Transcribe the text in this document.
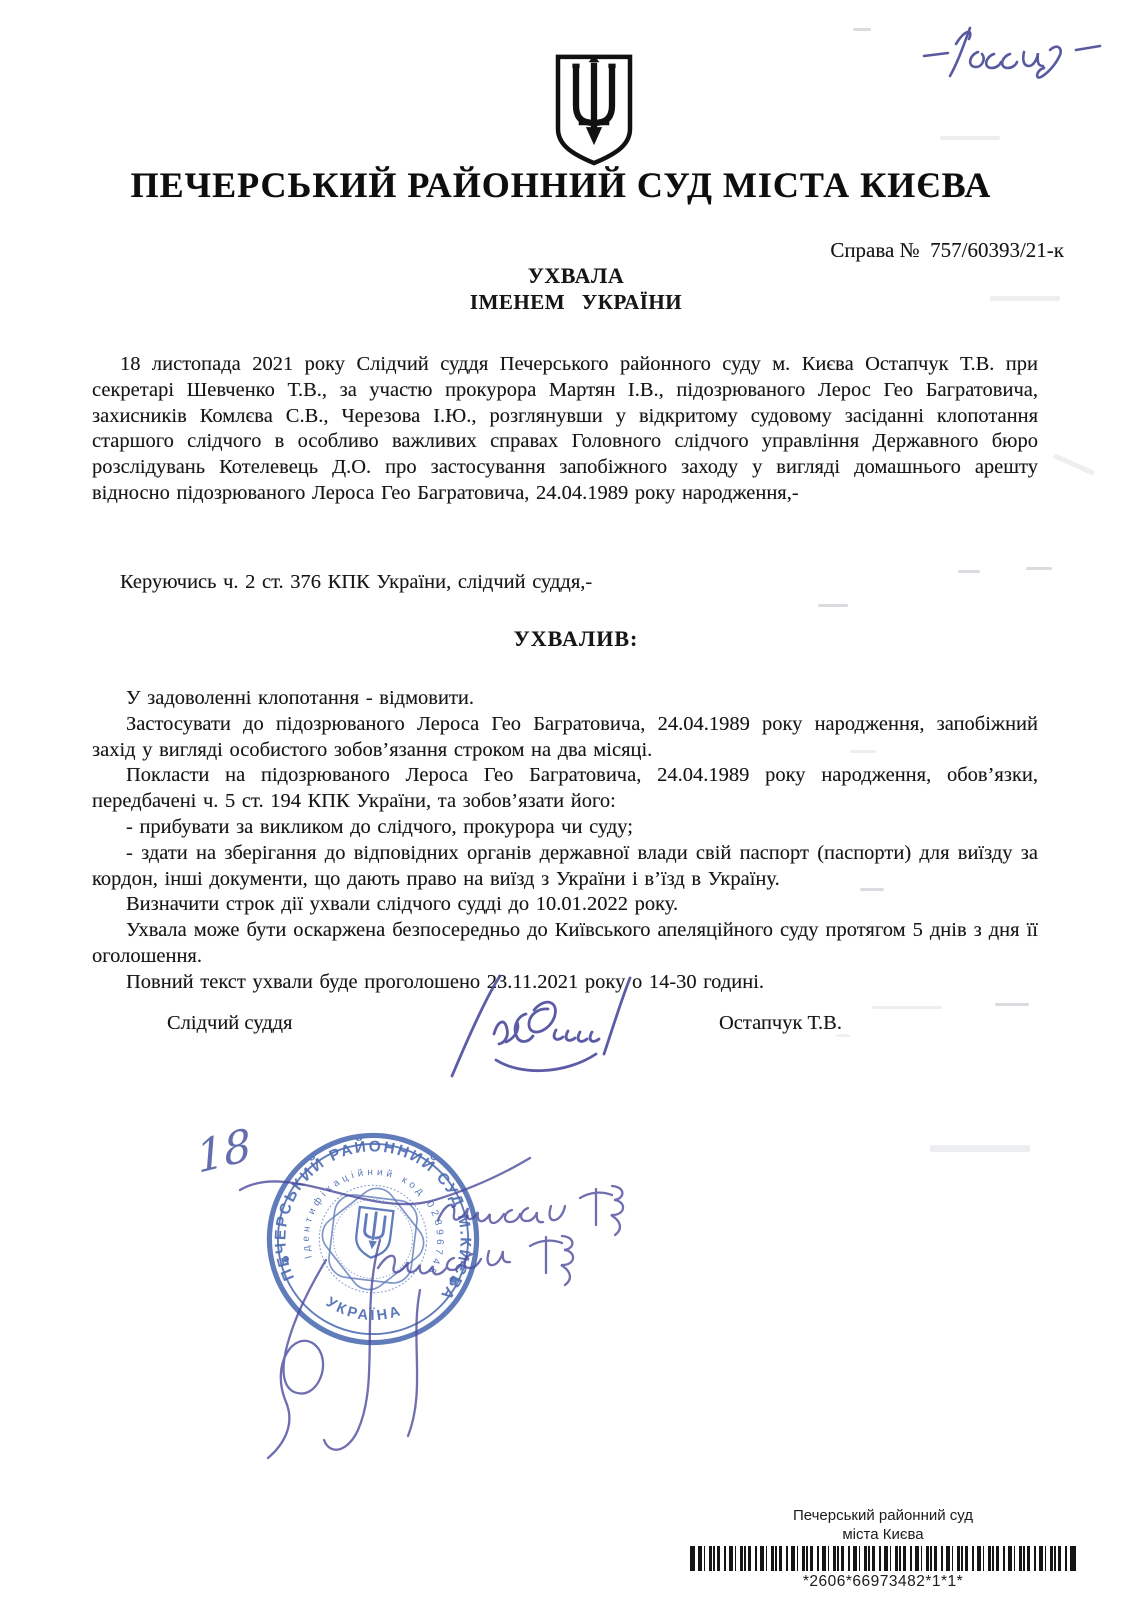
ПЕЧЕРСЬКИЙ РАЙОННИЙ СУД МІСТА КИЄВА
Справа №  757/60393/21-к
УХВАЛА
ІМЕНЕМ УКРАЇНИ
18 листопада 2021 року Слідчий суддя Печерського районного суду м. Києва Остапчук Т.В. при секретарі Шевченко Т.В., за участю прокурора Мартян І.В., підозрюваного Лерос Гео Багратовича, захисників Комлєва С.В., Черезова І.Ю., розглянувши у відкритому судовому засіданні клопотання старшого слідчого в особливо важливих справах Головного слідчого управління Державного бюро розслідувань Котелевець Д.О. про застосування запобіжного заходу у вигляді домашнього арешту відносно підозрюваного Лероса Гео Багратовича, 24.04.1989 року народження,-
Керуючись ч. 2 ст. 376 КПК України, слідчий суддя,-
УХВАЛИВ:

У задоволенні клопотання - відмовити.

Застосувати до підозрюваного Лероса Гео Багратовича, 24.04.1989 року народження, запобіжний захід у вигляді особистого зобов’язання строком на два місяці.

Покласти на підозрюваного Лероса Гео Багратовича, 24.04.1989 року народження, обов’язки, передбачені ч. 5 ст. 194 КПК України, та зобов’язати його:

- прибувати за викликом до слідчого, прокурора чи суду;

- здати на зберігання до відповідних органів державної влади свій паспорт (паспорти) для виїзду за кордон, інші документи, що дають право на виїзд з України і в’їзд в Україну.

Визначити строк дії ухвали слідчого судді до 10.01.2022 року.

Ухвала може бути оскаржена безпосередньо до Київського апеляційного суду протягом 5 днів з дня її оголошення.

Повний текст ухвали буде проголошено 23.11.2021 року о 14-30 годині.

Слідчий суддя	Остапчук Т.В.
18
ПЕЧЕРСЬКИЙ РАЙОННИЙ СУД М.КИЄВА
УКРАЇНА
Ідентифікаційний код 02896745
Печерський районний суд
міста Києва
*2606*66973482*1*1*
